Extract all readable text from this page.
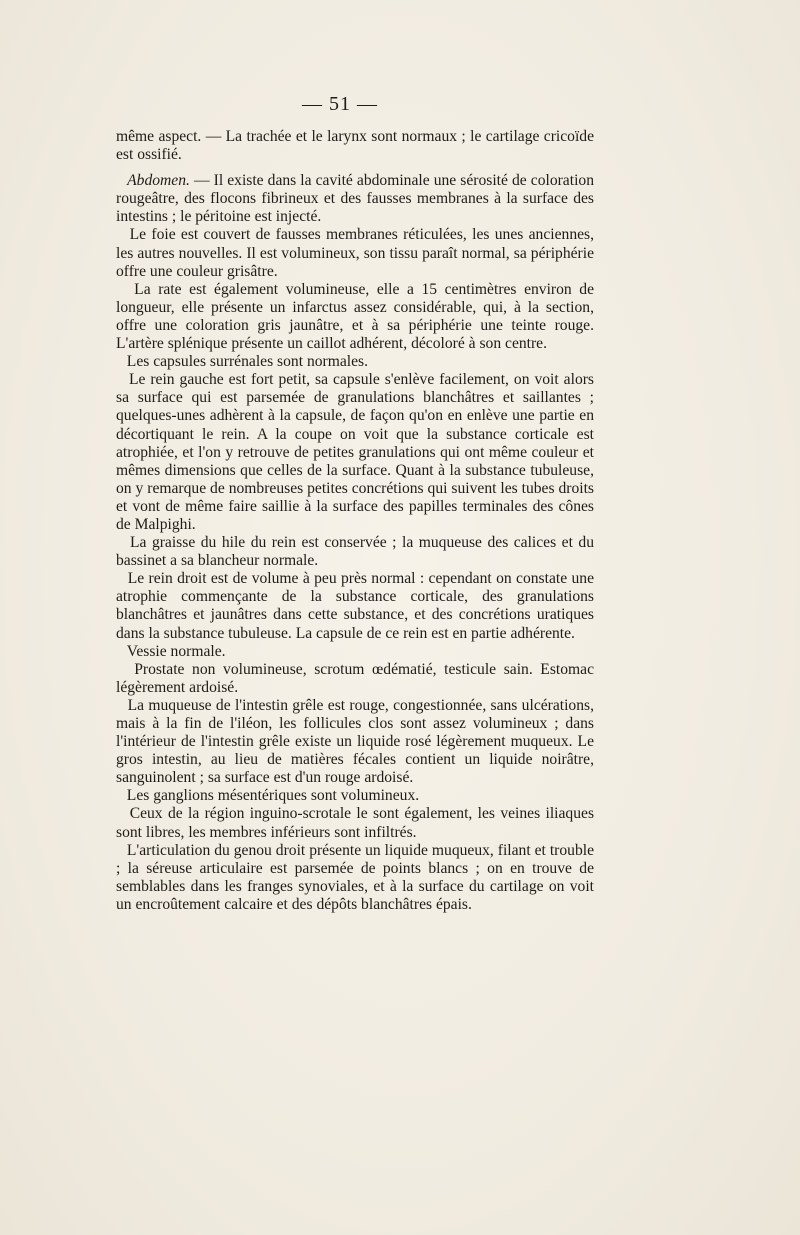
— 51 —

même aspect. — La trachée et le larynx sont normaux ; le cartilage cricoïde est ossifié.

Abdomen. — Il existe dans la cavité abdominale une sérosité de coloration rougeâtre, des flocons fibrineux et des fausses membranes à la surface des intestins ; le péritoine est injecté.

Le foie est couvert de fausses membranes réticulées, les unes anciennes, les autres nouvelles. Il est volumineux, son tissu paraît normal, sa périphérie offre une couleur grisâtre.

La rate est également volumineuse, elle a 15 centimètres environ de longueur, elle présente un infarctus assez considérable, qui, à la section, offre une coloration gris jaunâtre, et à sa périphérie une teinte rouge. L'artère splénique présente un caillot adhérent, décoloré à son centre.

Les capsules surrénales sont normales.

Le rein gauche est fort petit, sa capsule s'enlève facilement, on voit alors sa surface qui est parsemée de granulations blanchâtres et saillantes ; quelques-unes adhèrent à la capsule, de façon qu'on en enlève une partie en décortiquant le rein. A la coupe on voit que la substance corticale est atrophiée, et l'on y retrouve de petites granulations qui ont même couleur et mêmes dimensions que celles de la surface. Quant à la substance tubuleuse, on y remarque de nombreuses petites concrétions qui suivent les tubes droits et vont de même faire saillie à la surface des papilles terminales des cônes de Malpighi.

La graisse du hile du rein est conservée ; la muqueuse des calices et du bassinet a sa blancheur normale.

Le rein droit est de volume à peu près normal : cependant on constate une atrophie commençante de la substance corticale, des granulations blanchâtres et jaunâtres dans cette substance, et des concrétions uratiques dans la substance tubuleuse. La capsule de ce rein est en partie adhérente.

Vessie normale.

Prostate non volumineuse, scrotum œdématié, testicule sain. Estomac légèrement ardoisé.

La muqueuse de l'intestin grêle est rouge, congestionnée, sans ulcérations, mais à la fin de l'iléon, les follicules clos sont assez volumineux ; dans l'intérieur de l'intestin grêle existe un liquide rosé légèrement muqueux. Le gros intestin, au lieu de matières fécales contient un liquide noirâtre, sanguinolent ; sa surface est d'un rouge ardoisé.

Les ganglions mésentériques sont volumineux.

Ceux de la région inguino-scrotale le sont également, les veines iliaques sont libres, les membres inférieurs sont infiltrés.

L'articulation du genou droit présente un liquide muqueux, filant et trouble ; la séreuse articulaire est parsemée de points blancs ; on en trouve de semblables dans les franges synoviales, et à la surface du cartilage on voit un encroûtement calcaire et des dépôts blanchâtres épais.
